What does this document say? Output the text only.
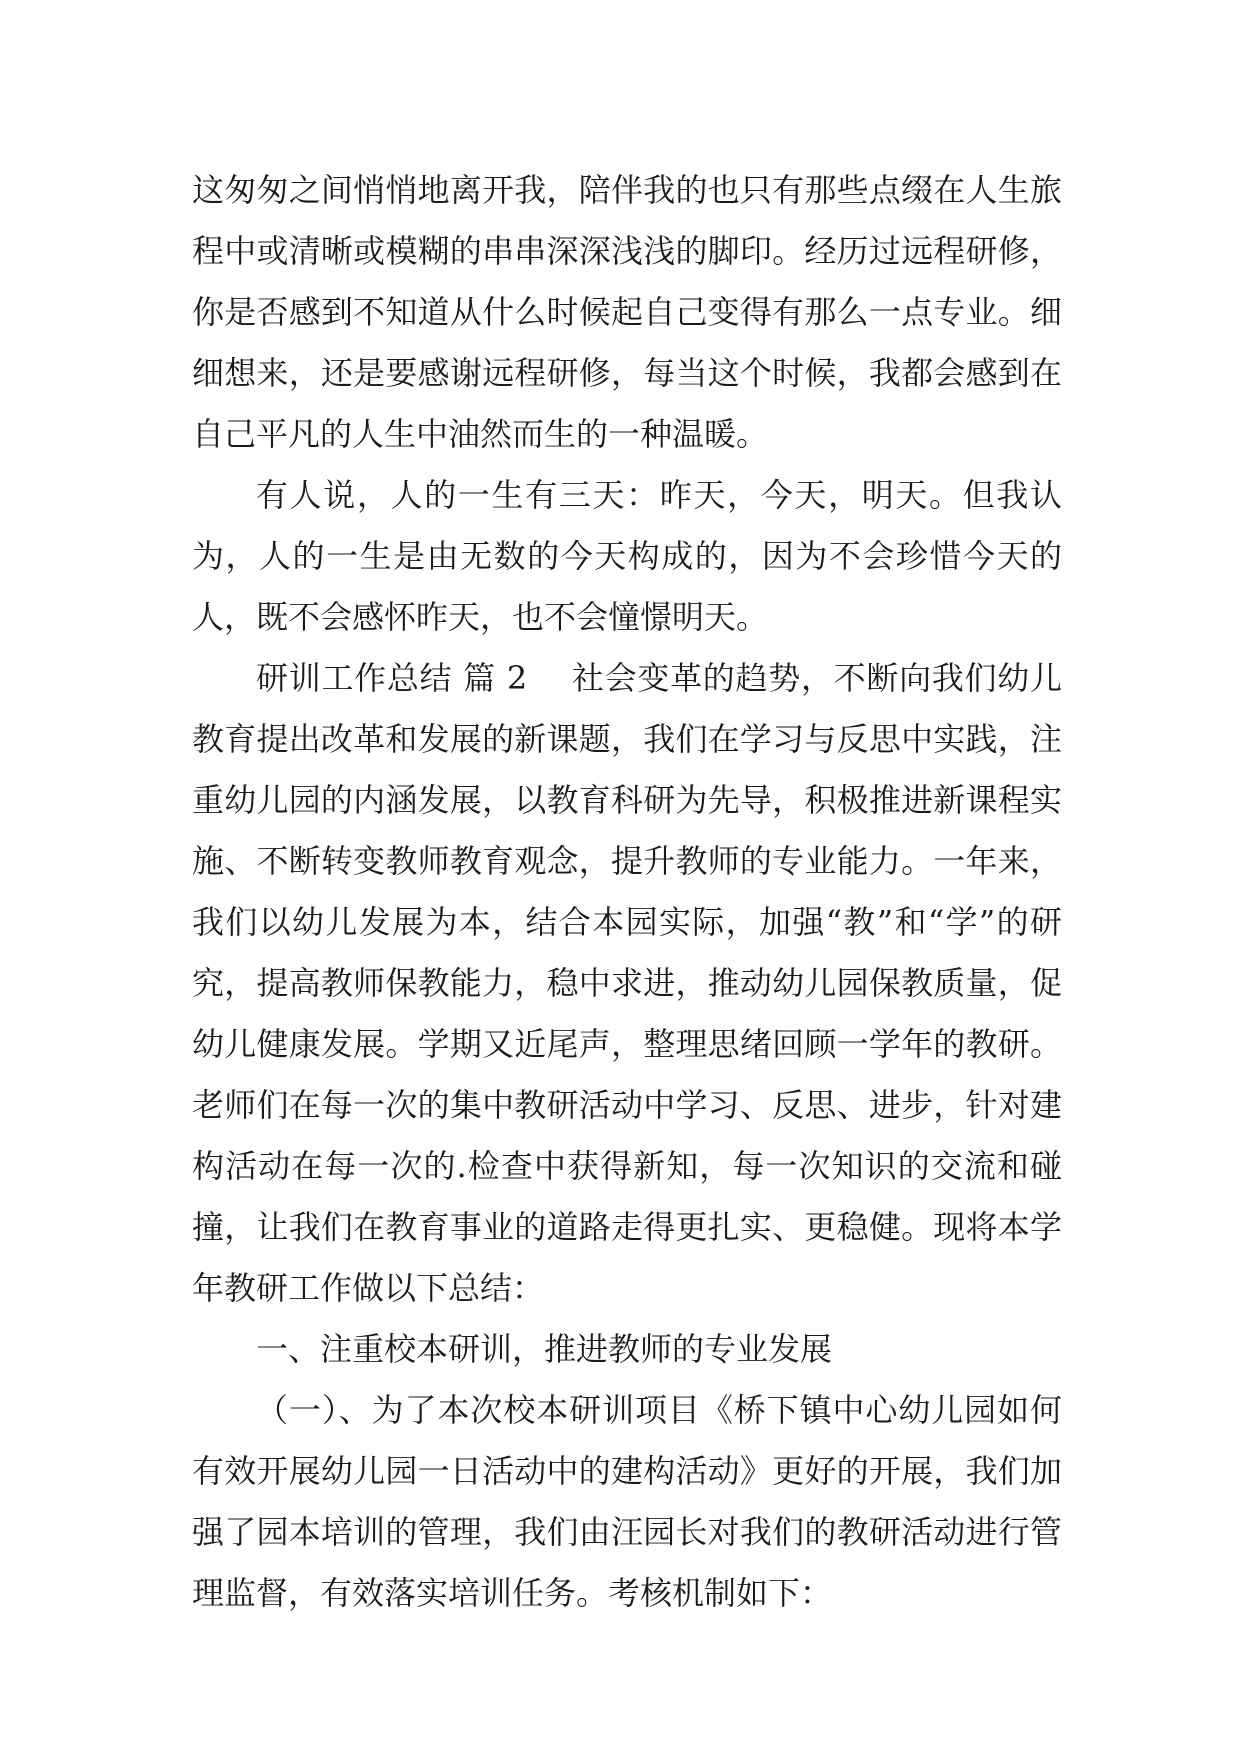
这匆匆之间悄悄地离开我，陪伴我的也只有那些点缀在人生旅程中或清晰或模糊的串串深深浅浅的脚印。经历过远程研修，你是否感到不知道从什么时候起自己变得有那么一点专业。细细想来，还是要感谢远程研修，每当这个时候，我都会感到在自己平凡的人生中油然而生的一种温暖。

有人说，人的一生有三天：昨天，今天，明天。但我认为，人的一生是由无数的今天构成的，因为不会珍惜今天的人，既不会感怀昨天，也不会憧憬明天。

研训工作总结 篇 2 社会变革的趋势，不断向我们幼儿教育提出改革和发展的新课题，我们在学习与反思中实践，注重幼儿园的内涵发展，以教育科研为先导，积极推进新课程实施、不断转变教师教育观念，提升教师的专业能力。一年来，我们以幼儿发展为本，结合本园实际，加强“教”和“学”的研究，提高教师保教能力，稳中求进，推动幼儿园保教质量，促幼儿健康发展。学期又近尾声，整理思绪回顾一学年的教研。老师们在每一次的集中教研活动中学习、反思、进步，针对建构活动在每一次的.检查中获得新知，每一次知识的交流和碰撞，让我们在教育事业的道路走得更扎实、更稳健。现将本学年教研工作做以下总结：

一、注重校本研训，推进教师的专业发展

（一）、为了本次校本研训项目《桥下镇中心幼儿园如何有效开展幼儿园一日活动中的建构活动》更好的开展，我们加强了园本培训的管理，我们由汪园长对我们的教研活动进行管理监督，有效落实培训任务。考核机制如下：
